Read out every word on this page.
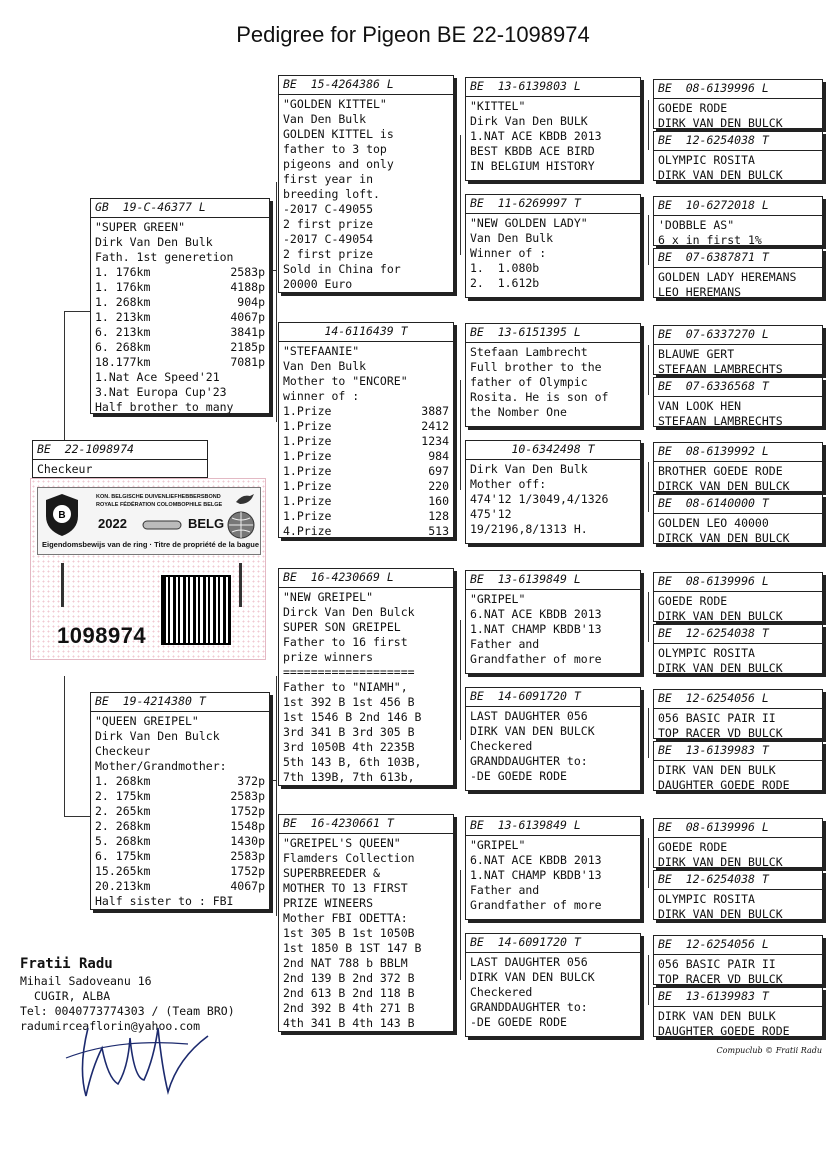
Pedigree for Pigeon BE 22-1098974
BE  22-1098974
Checkeur
GB  19-C-46377 L
"SUPER GREEN"
Dirk Van Den Bulk
Fath. 1st generetion
1. 176km	2583p
1. 176km	4188p
1. 268km	904p
1. 213km	4067p
6. 213km	3841p
6. 268km	2185p
18.177km	7081p
1.Nat Ace Speed'21
3.Nat Europa Cup'23
Half brother to many
BE  19-4214380 T
"QUEEN GREIPEL"
Dirk Van Den Bulck
Checkeur
Mother/Grandmother:
1. 268km	372p
2. 175km	2583p
2. 265km	1752p
2. 268km	1548p
5. 268km	1430p
6. 175km	2583p
15.265km	1752p
20.213km	4067p
Half sister to : FBI
BE  15-4264386 L
"GOLDEN KITTEL"
Van Den Bulk
GOLDEN KITTEL is
father to 3 top
pigeons and only
first year in
breeding loft.
-2017 C-49055
2 first prize
-2017 C-49054
2 first prize
Sold in China for
20000 Euro
14-6116439 T
"STEFAANIE"
Van Den Bulk
Mother to "ENCORE"
winner of :
1.Prize	3887
1.Prize	2412
1.Prize	1234
1.Prize	984
1.Prize	697
1.Prize	220
1.Prize	160
1.Prize	128
4.Prize	513
BE  16-4230669 L
"NEW GREIPEL"
Dirck Van Den Bulck
SUPER SON GREIPEL
Father to 16 first
prize winners
===================
Father to "NIAMH",
1st 392 B 1st 456 B
1st 1546 B 2nd 146 B
3rd 341 B 3rd 305 B
3rd 1050B 4th 2235B
5th 143 B, 6th 103B,
7th 139B, 7th 613b,
BE  16-4230661 T
"GREIPEL'S QUEEN"
Flamders Collection
SUPERBREEDER &
MOTHER TO 13 FIRST
PRIZE WINEERS
Mother FBI ODETTA:
1st 305 B 1st 1050B
1st 1850 B 1ST 147 B
2nd NAT 788 b BBLM
2nd 139 B 2nd 372 B
2nd 613 B 2nd 118 B
2nd 392 B 4th 271 B
4th 341 B 4th 143 B
BE  13-6139803 L
"KITTEL"
Dirk Van Den BULK
1.NAT ACE KBDB 2013
BEST KBDB ACE BIRD
IN BELGIUM HISTORY
BE  11-6269997 T
"NEW GOLDEN LADY"
Van Den Bulk
Winner of :
1.  1.080b
2.  1.612b
BE  13-6151395 L
Stefaan Lambrecht
Full brother to the
father of Olympic
Rosita. He is son of
the Nomber One
10-6342498 T
Dirk Van Den Bulk
Mother off:
474'12 1/3049,4/1326
475'12
19/2196,8/1313 H.
BE  13-6139849 L
"GRIPEL"
6.NAT ACE KBDB 2013
1.NAT CHAMP KBDB'13
Father and
Grandfather of more
BE  14-6091720 T
LAST DAUGHTER 056
DIRK VAN DEN BULCK
Checkered
GRANDDAUGHTER to:
-DE GOEDE RODE
BE  13-6139849 L
"GRIPEL"
6.NAT ACE KBDB 2013
1.NAT CHAMP KBDB'13
Father and
Grandfather of more
BE  14-6091720 T
LAST DAUGHTER 056
DIRK VAN DEN BULCK
Checkered
GRANDDAUGHTER to:
-DE GOEDE RODE
BE  08-6139996 L
GOEDE RODE
DIRK VAN DEN BULCK
BE  12-6254038 T
OLYMPIC ROSITA
DIRK VAN DEN BULCK
BE  10-6272018 L
'DOBBLE AS"
6 x in first 1%
BE  07-6387871 T
GOLDEN LADY HEREMANS
LEO HEREMANS
BE  07-6337270 L
BLAUWE GERT
STEFAAN LAMBRECHTS
BE  07-6336568 T
VAN LOOK HEN
STEFAAN LAMBRECHTS
BE  08-6139992 L
BROTHER GOEDE RODE
DIRCK VAN DEN BULCK
BE  08-6140000 T
GOLDEN LEO 40000
DIRCK VAN DEN BULCK
BE  08-6139996 L
GOEDE RODE
DIRK VAN DEN BULCK
BE  12-6254038 T
OLYMPIC ROSITA
DIRK VAN DEN BULCK
BE  12-6254056 L
056 BASIC PAIR II
TOP RACER VD BULCK
BE  13-6139983 T
DIRK VAN DEN BULK
DAUGHTER GOEDE RODE
BE  08-6139996 L
GOEDE RODE
DIRK VAN DEN BULCK
BE  12-6254038 T
OLYMPIC ROSITA
DIRK VAN DEN BULCK
BE  12-6254056 L
056 BASIC PAIR II
TOP RACER VD BULCK
BE  13-6139983 T
DIRK VAN DEN BULK
DAUGHTER GOEDE RODE
B
KON. BELGISCHE DUIVENLIEFHEBBERSBOND
ROYALE FÉDÉRATION COLOMBOPHILE BELGE
2022	BELG
Eigendomsbewijs van de ring · Titre de propriété de la bague
1098974
Fratii Radu
Mihail Sadoveanu 16
CUGIR, ALBA
Tel: 0040773774303 / (Team BRO)
radumirceaflorin@yahoo.com
Compuclub © Fratii Radu
